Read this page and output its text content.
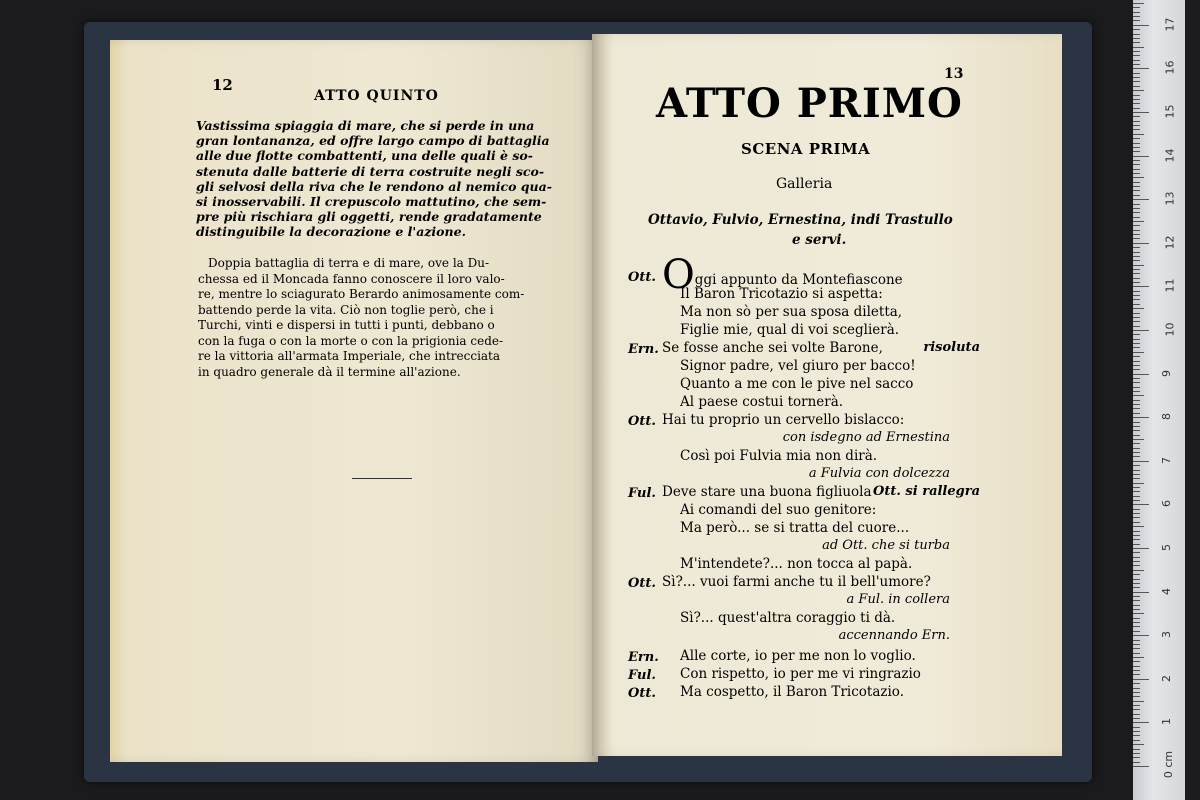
12
ATTO QUINTO
Vastissima spiaggia di mare, che si perde in una
gran lontananza, ed offre largo campo di battaglia
alle due flotte combattenti, una delle quali è so-
stenuta dalle batterie di terra costruite negli sco-
gli selvosi della riva che le rendono al nemico qua-
si inosservabili. Il crepuscolo mattutino, che sem-
pre più rischiara gli oggetti, rende gradatamente
distinguibile la decorazione e l'azione.
Doppia battaglia di terra e di mare, ove la Du-
chessa ed il Moncada fanno conoscere il loro valo-
re, mentre lo sciagurato Berardo animosamente com-
battendo perde la vita. Ciò non toglie però, che i
Turchi, vinti e dispersi in tutti i punti, debbano o
con la fuga o con la morte o con la prigionia cede-
re la vittoria all'armata Imperiale, che intrecciata
in quadro generale dà il termine all'azione.
13
ATTO PRIMO
SCENA PRIMA
Galleria
Ottavio, Fulvio, Ernestina, indi Trastullo
e servi.
Ott. Oggi appunto da Montefiascone
Il Baron Tricotazio si aspetta:
Ma non sò per sua sposa diletta,
Figlie mie, qual di voi sceglierà.
Ern. Se fosse anche sei volte Barone,	risoluta
Signor padre, vel giuro per bacco!
Quanto a me con le pive nel sacco
Al paese costui tornerà.
Ott. Hai tu proprio un cervello bislacco:
con isdegno ad Ernestina
Così poi Fulvia mia non dirà.
a Fulvia con dolcezza
Ful. Deve stare una buona figliuola Ott. si rallegra
Ai comandi del suo genitore:
Ma però... se si tratta del cuore...
ad Ott. che si turba
M'intendete?... non tocca al papà.
Ott. Sì?... vuoi farmi anche tu il bell'umore?
a Ful. in collera
Sì?... quest'altra coraggio ti dà.
accennando Ern.
Ern. Alle corte, io per me non lo voglio.
Ful. Con rispetto, io per me vi ringrazio
Ott. Ma cospetto, il Baron Tricotazio.
1
2
3
4
5
6
7
8
9
10
11
12
13
14
15
16
17
0 cm
